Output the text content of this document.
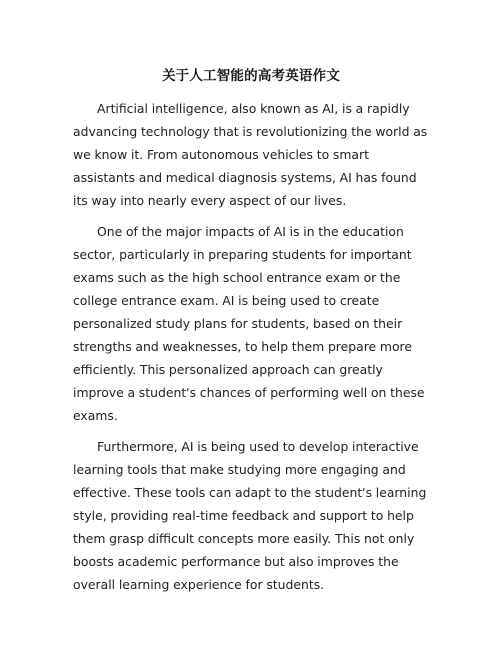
关于人工智能的高考英语作文

Artificial intelligence, also known as AI, is a rapidly advancing technology that is revolutionizing the world as we know it. From autonomous vehicles to smart assistants and medical diagnosis systems, AI has found its way into nearly every aspect of our lives.

One of the major impacts of AI is in the education sector, particularly in preparing students for important exams such as the high school entrance exam or the college entrance exam. AI is being used to create personalized study plans for students, based on their strengths and weaknesses, to help them prepare more efficiently. This personalized approach can greatly improve a student's chances of performing well on these exams.

Furthermore, AI is being used to develop interactive learning tools that make studying more engaging and effective. These tools can adapt to the student's learning style, providing real-time feedback and support to help them grasp difficult concepts more easily. This not only boosts academic performance but also improves the overall learning experience for students.
